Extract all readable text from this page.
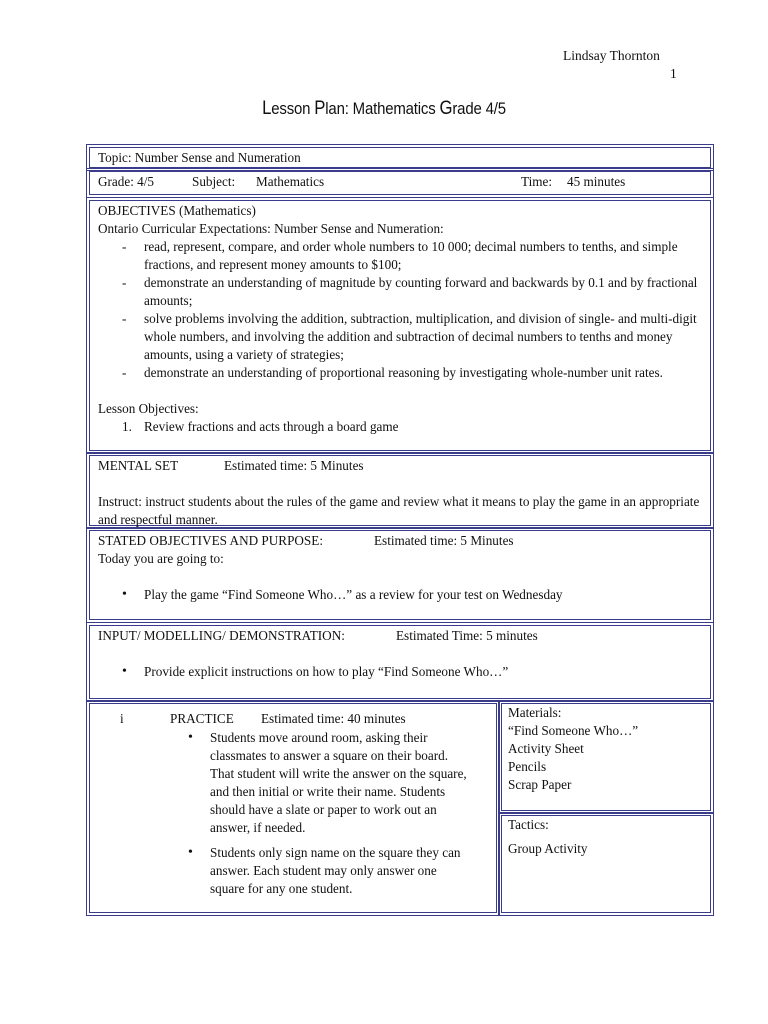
Lindsay Thornton
1
Lesson Plan: Mathematics Grade 4/5
Topic: Number Sense and Numeration
Grade: 4/5	Subject: Mathematics	Time: 45 minutes
OBJECTIVES (Mathematics)
Ontario Curricular Expectations: Number Sense and Numeration:
- read, represent, compare, and order whole numbers to 10 000; decimal numbers to tenths, and simple fractions, and represent money amounts to $100;
- demonstrate an understanding of magnitude by counting forward and backwards by 0.1 and by fractional amounts;
- solve problems involving the addition, subtraction, multiplication, and division of single- and multi-digit whole numbers, and involving the addition and subtraction of decimal numbers to tenths and money amounts, using a variety of strategies;
- demonstrate an understanding of proportional reasoning by investigating whole-number unit rates.
Lesson Objectives:
1. Review fractions and acts through a board game
MENTAL SET	Estimated time: 5 Minutes
Instruct: instruct students about the rules of the game and review what it means to play the game in an appropriate and respectful manner.
STATED OBJECTIVES AND PURPOSE:	Estimated time: 5 Minutes
Today you are going to:
• Play the game “Find Someone Who…” as a review for your test on Wednesday
INPUT/ MODELLING/ DEMONSTRATION:	Estimated Time: 5 minutes
• Provide explicit instructions on how to play “Find Someone Who…”
i	PRACTICE Estimated time: 40 minutes
• Students move around room, asking their classmates to answer a square on their board. That student will write the answer on the square, and then initial or write their name. Students should have a slate or paper to work out an answer, if needed.
• Students only sign name on the square they can answer. Each student may only answer one square for any one student.
Materials:
“Find Someone Who…”
Activity Sheet
Pencils
Scrap Paper
Tactics:
Group Activity
